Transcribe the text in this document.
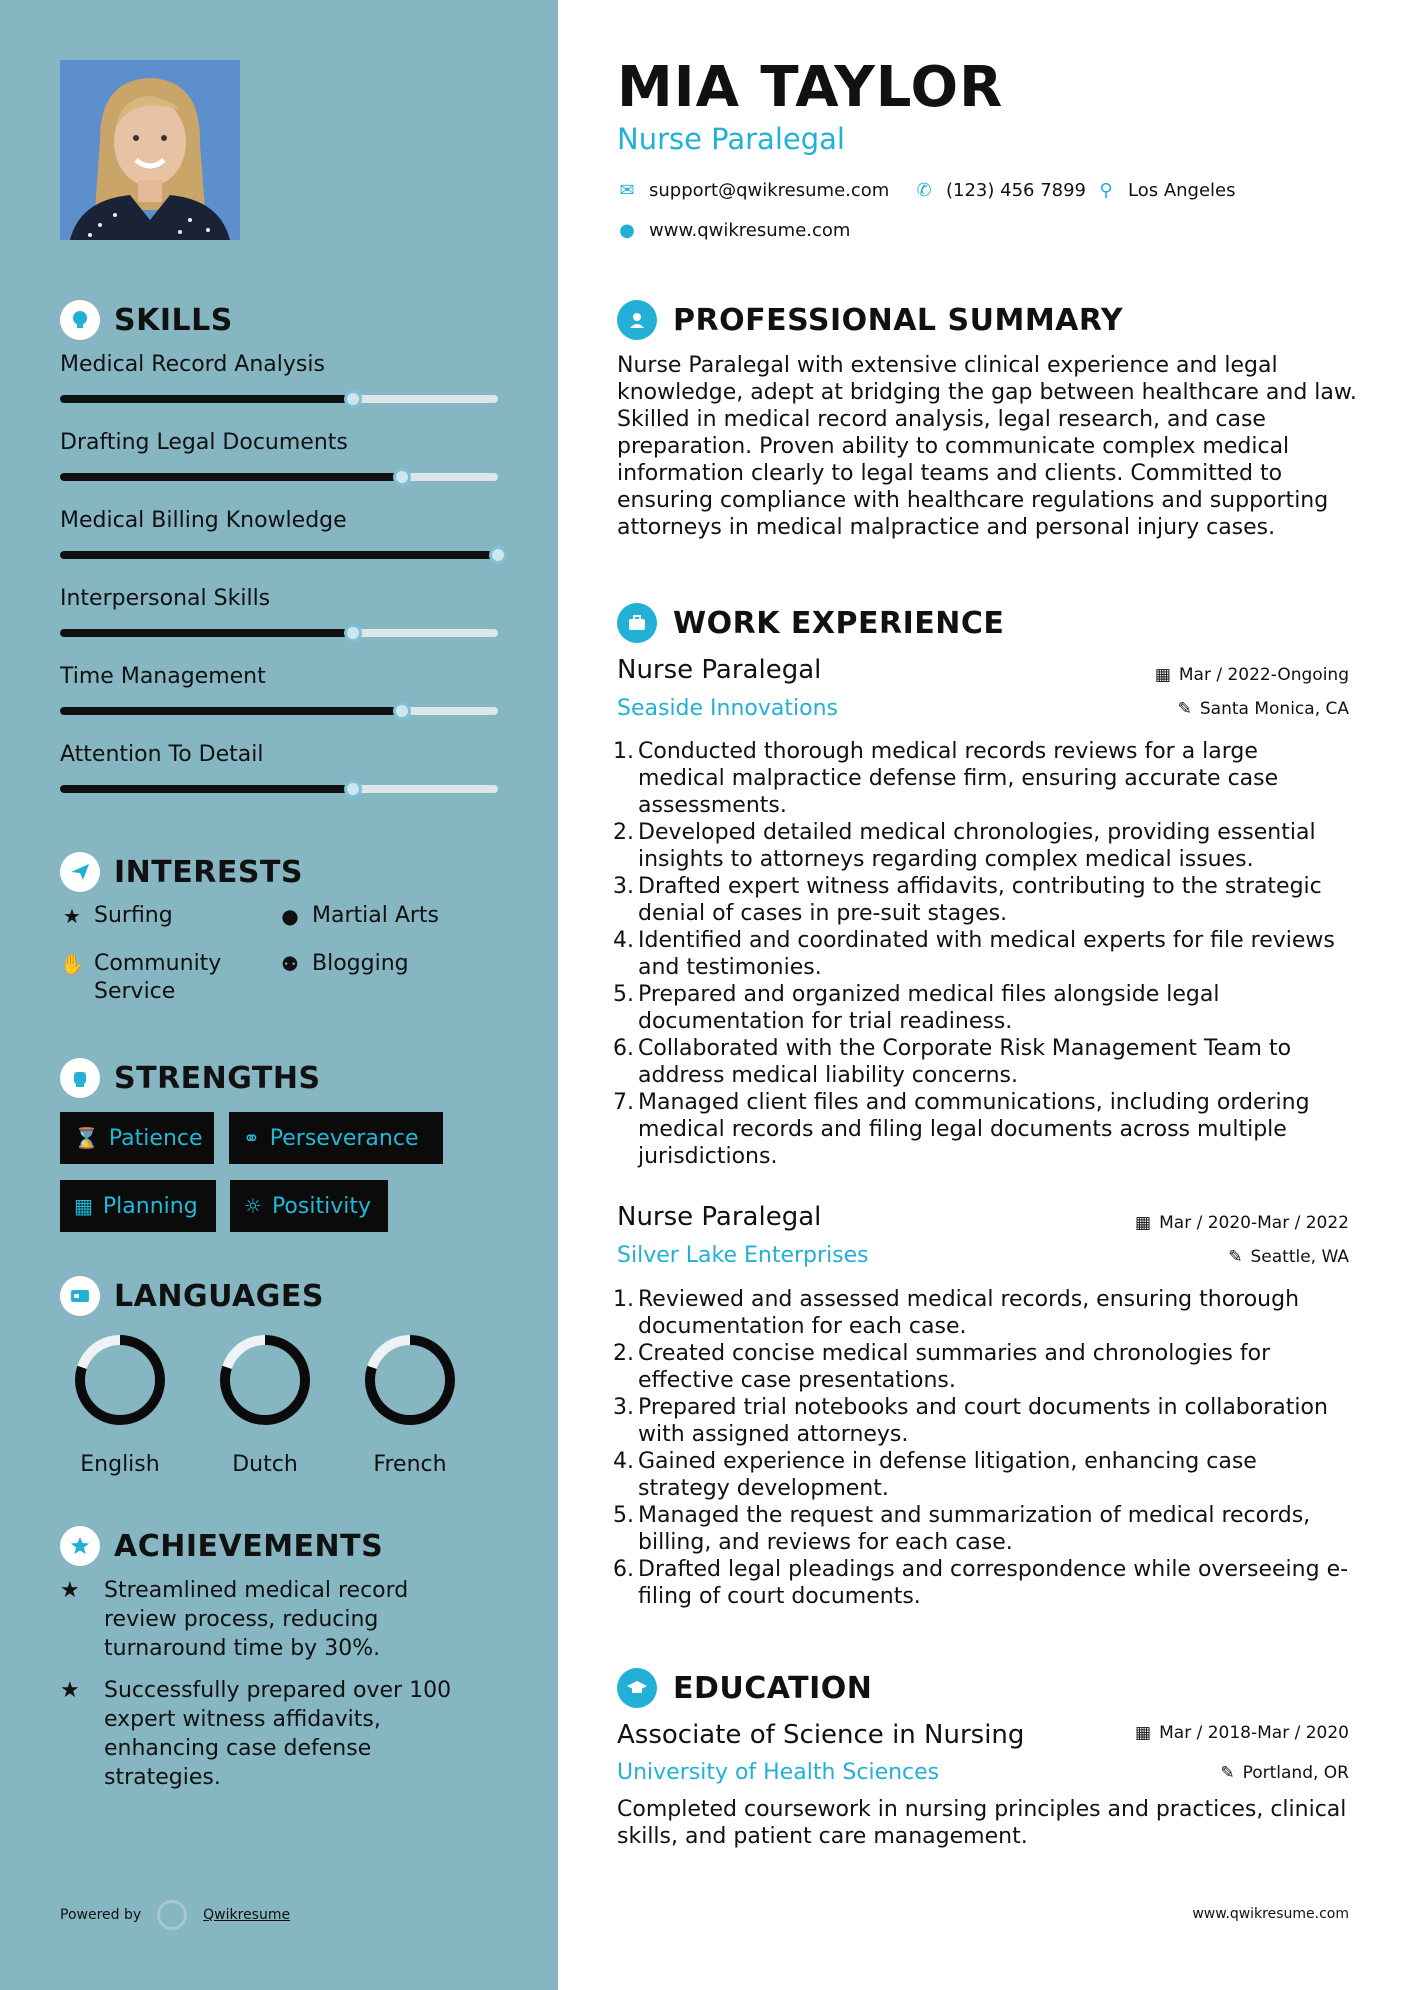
SKILLS
Medical Record Analysis
Drafting Legal Documents
Medical Billing Knowledge
Interpersonal Skills
Time Management
Attention To Detail
INTERESTS
★ Surfing	● Martial Arts
✋ Community Service
⚉ Blogging
STRENGTHS
⌛ Patience ⚭ Perseverance
▦ Planning ☼ Positivity
LANGUAGES
English	Dutch	French
ACHIEVEMENTS
★	Streamlined medical record review process, reducing turnaround time by 30%.
★	Successfully prepared over 100 expert witness affidavits, enhancing case defense strategies.
Powered by	Qwikresume
MIA TAYLOR
Nurse Paralegal
✉ support@qwikresume.com ✆ (123) 456 7899 ⚲ Los Angeles
● www.qwikresume.com
PROFESSIONAL SUMMARY
Nurse Paralegal with extensive clinical experience and legal knowledge, adept at bridging the gap between healthcare and law. Skilled in medical record analysis, legal research, and case preparation. Proven ability to communicate complex medical information clearly to legal teams and clients. Committed to ensuring compliance with healthcare regulations and supporting attorneys in medical malpractice and personal injury cases.
WORK EXPERIENCE
Nurse Paralegal	▦ Mar / 2022-Ongoing
Seaside Innovations	✎ Santa Monica, CA
1. Conducted thorough medical records reviews for a large medical malpractice defense firm, ensuring accurate case assessments.
2. Developed detailed medical chronologies, providing essential insights to attorneys regarding complex medical issues.
3. Drafted expert witness affidavits, contributing to the strategic denial of cases in pre-suit stages.
4. Identified and coordinated with medical experts for file reviews and testimonies.
5. Prepared and organized medical files alongside legal documentation for trial readiness.
6. Collaborated with the Corporate Risk Management Team to address medical liability concerns.
7. Managed client files and communications, including ordering medical records and filing legal documents across multiple jurisdictions.
Nurse Paralegal	▦ Mar / 2020-Mar / 2022
Silver Lake Enterprises	✎ Seattle, WA
1. Reviewed and assessed medical records, ensuring thorough documentation for each case.
2. Created concise medical summaries and chronologies for effective case presentations.
3. Prepared trial notebooks and court documents in collaboration with assigned attorneys.
4. Gained experience in defense litigation, enhancing case strategy development.
5. Managed the request and summarization of medical records, billing, and reviews for each case.
6. Drafted legal pleadings and correspondence while overseeing e-filing of court documents.
EDUCATION
Associate of Science in Nursing	▦ Mar / 2018-Mar / 2020
University of Health Sciences	✎ Portland, OR
Completed coursework in nursing principles and practices, clinical skills, and patient care management.
www.qwikresume.com
